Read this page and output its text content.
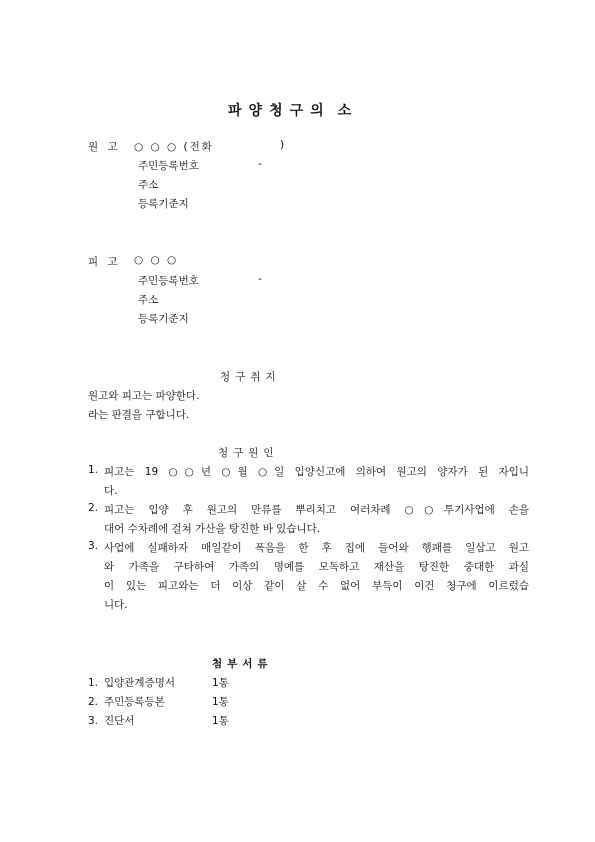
파 양 청 구 의 소
원 고 ○ ○ ○ (전화	)
주민등록번호	-
주소
등록기준지
피 고 ○ ○ ○
주민등록번호	-
주소
등록기준지
청구취지
원고와 피고는 파양한다.
라는 판결을 구합니다.
청구원인
1. 피고는 19 ○○년 ○월 ○일 입양신고에 의하여 원고의 양자가 된 자입니
다.
2. 피고는 입양 후 원고의 만류를 뿌리치고 여러차례 ○○투기사업에 손을
대어 수차례에 걸쳐 가산을 탕진한 바 있습니다.
3. 사업에 실패하자 매일같이 폭음을 한 후 집에 들어와 행패를 일삼고 원고
와 가족을 구타하여 가족의 명예를 모독하고 재산을 탕진한 중대한 과실
이 있는 피고와는 더 이상 같이 살 수 없어 부득이 이건 청구에 이르렀습
니다.
첨부서류
1. 입양관계증명서	1통
2. 주민등록등본	1통
3. 진단서	1통
